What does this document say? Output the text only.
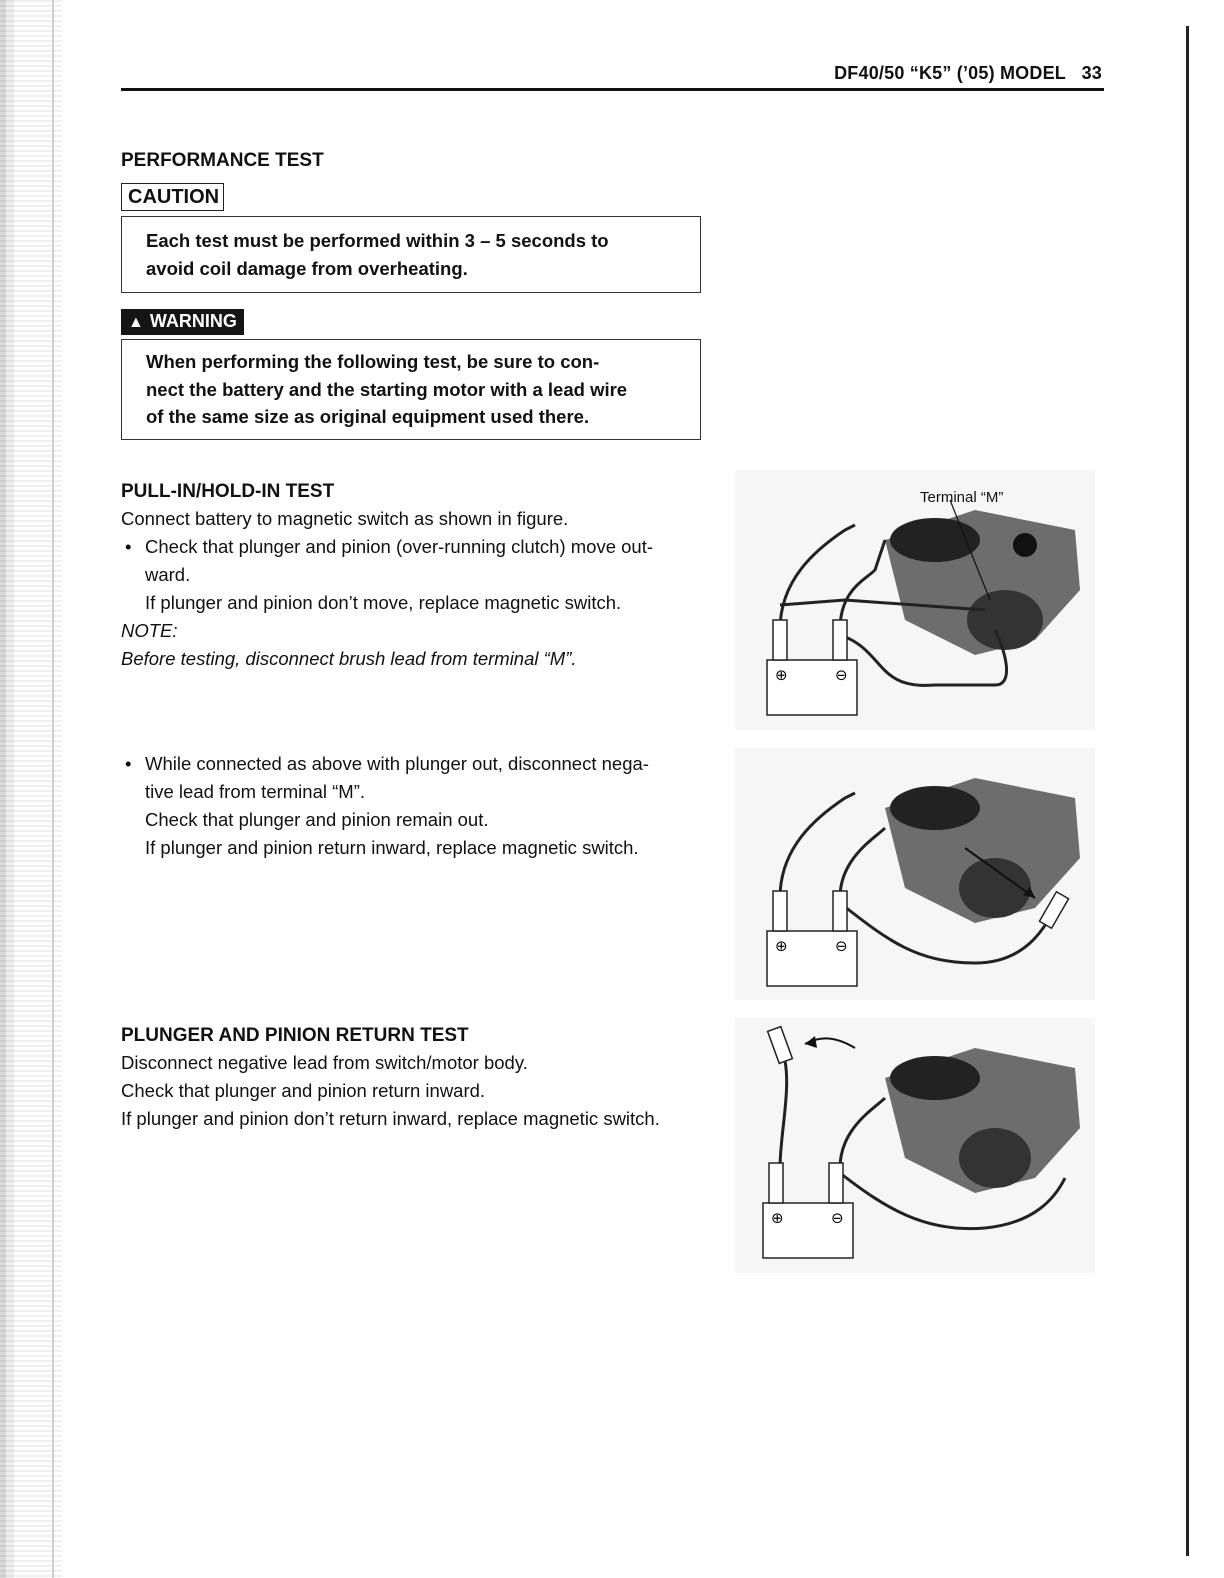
DF40/50 “K5” (’05) MODEL 33
PERFORMANCE TEST
CAUTION
Each test must be performed within 3 – 5 seconds to
avoid coil damage from overheating.
▲ WARNING
When performing the following test, be sure to con-
nect the battery and the starting motor with a lead wire
of the same size as original equipment used there.
PULL-IN/HOLD-IN TEST
Connect battery to magnetic switch as shown in figure.
• Check that plunger and pinion (over-running clutch) move out-
ward.
If plunger and pinion don’t move, replace magnetic switch.
NOTE:
Before testing, disconnect brush lead from terminal “M”.
• While connected as above with plunger out, disconnect nega-
tive lead from terminal “M”.
Check that plunger and pinion remain out.
If plunger and pinion return inward, replace magnetic switch.
PLUNGER AND PINION RETURN TEST
Disconnect negative lead from switch/motor body.
Check that plunger and pinion return inward.
If plunger and pinion don’t return inward, replace magnetic switch.
Terminal “M”
⊕	⊖
⊕	⊖
⊕	⊖
